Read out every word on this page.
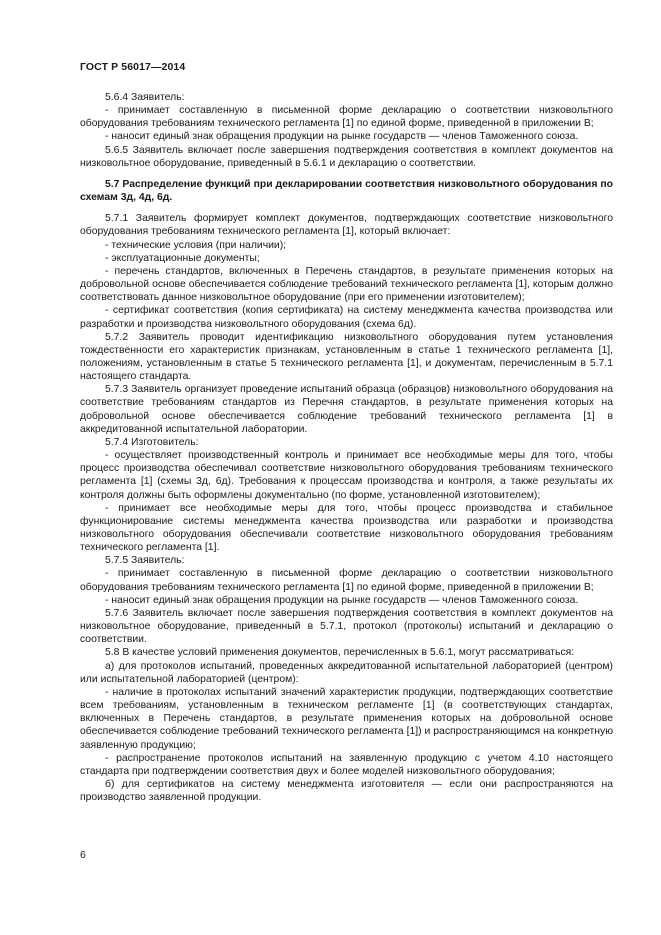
ГОСТ Р 56017—2014

5.6.4 Заявитель:

- принимает составленную в письменной форме декларацию о соответствии низковольтного оборудования требованиям технического регламента [1] по единой форме, приведенной в приложении В;

- наносит единый знак обращения продукции на рынке государств — членов Таможенного союза.

5.6.5 Заявитель включает после завершения подтверждения соответствия в комплект документов на низковольтное оборудование, приведенный в 5.6.1 и декларацию о соответствии.

5.7 Распределение функций при декларировании соответствия низковольтного оборудования по схемам 3д, 4д, 6д.

5.7.1 Заявитель формирует комплект документов, подтверждающих соответствие низковольтного оборудования требованиям технического регламента [1], который включает:

- технические условия (при наличии);

- эксплуатационные документы;

- перечень стандартов, включенных в Перечень стандартов, в результате применения которых на добровольной основе обеспечивается соблюдение требований технического регламента [1], которым должно соответствовать данное низковольтное оборудование (при его применении изготовителем);

- сертификат соответствия (копия сертификата) на систему менеджмента качества производства или разработки и производства низковольтного оборудования (схема 6д).

5.7.2 Заявитель проводит идентификацию низковольтного оборудования путем установления тождественности его характеристик признакам, установленным в статье 1 технического регламента [1], положениям, установленным в статье 5 технического регламента [1], и документам, перечисленным в 5.7.1 настоящего стандарта.

5.7.3 Заявитель организует проведение испытаний образца (образцов) низковольтного оборудования на соответствие требованиям стандартов из Перечня стандартов, в результате применения которых на добровольной основе обеспечивается соблюдение требований технического регламента [1] в аккредитованной испытательной лаборатории.

5.7.4 Изготовитель:

- осуществляет производственный контроль и принимает все необходимые меры для того, чтобы процесс производства обеспечивал соответствие низковольтного оборудования требованиям технического регламента [1] (схемы 3д, 6д). Требования к процессам производства и контроля, а также результаты их контроля должны быть оформлены документально (по форме, установленной изготовителем);

- принимает все необходимые меры для того, чтобы процесс производства и стабильное функционирование системы менеджмента качества производства или разработки и производства низковольтного оборудования обеспечивали соответствие низковольтного оборудования требованиям технического регламента [1].

5.7.5 Заявитель:

- принимает составленную в письменной форме декларацию о соответствии низковольтного оборудования требованиям технического регламента [1] по единой форме, приведенной в приложении В;

- наносит единый знак обращения продукции на рынке государств — членов Таможенного союза.

5.7.6 Заявитель включает после завершения подтверждения соответствия в комплект документов на низковольтное оборудование, приведенный в 5.7.1, протокол (протоколы) испытаний и декларацию о соответствии.

5.8 В качестве условий применения документов, перечисленных в 5.6.1, могут рассматриваться:

а) для протоколов испытаний, проведенных аккредитованной испытательной лабораторией (центром) или испытательной лабораторией (центром):

- наличие в протоколах испытаний значений характеристик продукции, подтверждающих соответствие всем требованиям, установленным в техническом регламенте [1] (в соответствующих стандартах, включенных в Перечень стандартов, в результате применения которых на добровольной основе обеспечивается соблюдение требований технического регламента [1]) и распространяющимся на конкретную заявленную продукцию;

- распространение протоколов испытаний на заявленную продукцию с учетом 4.10 настоящего стандарта при подтверждении соответствия двух и более моделей низковольтного оборудования;

б) для сертификатов на систему менеджмента изготовителя — если они распространяются на производство заявленной продукции.

6
